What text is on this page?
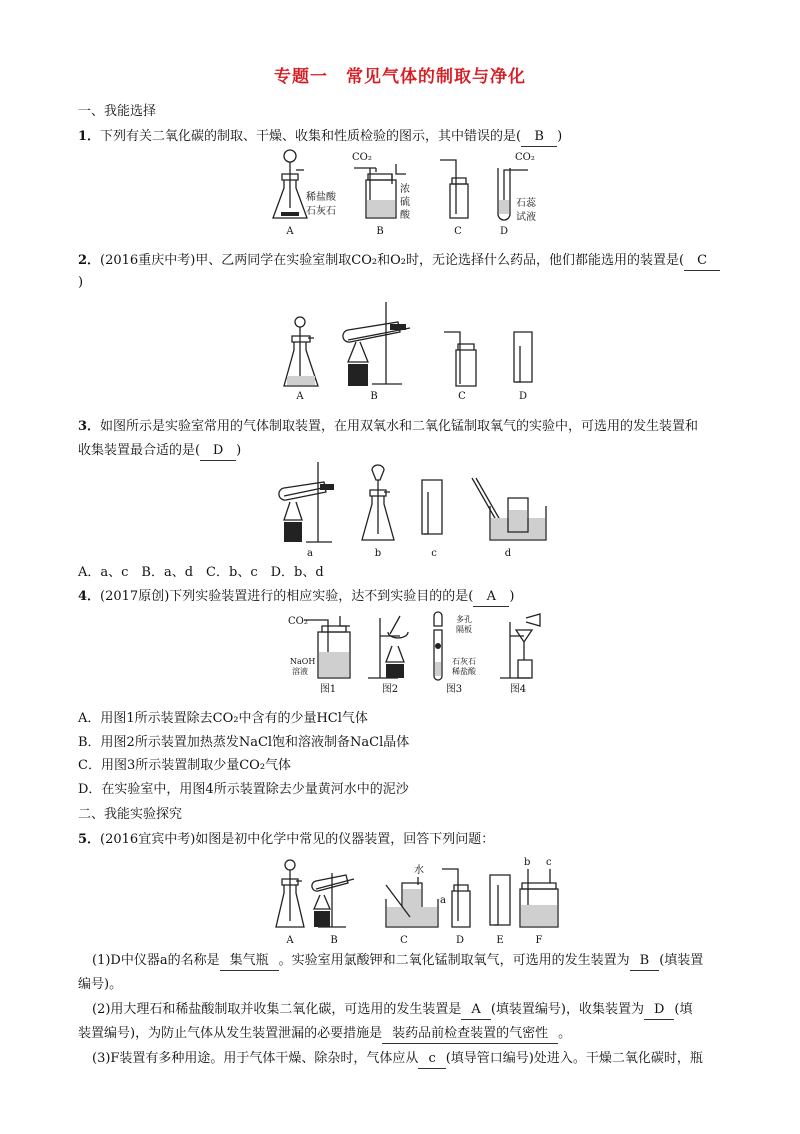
专题一　常见气体的制取与净化
一、我能选择
1．下列有关二氧化碳的制取、干燥、收集和性质检验的图示，其中错误的是( B )
稀盐酸
石灰石
A
CO₂
浓
硫
酸
B	C
CO₂
石蕊
试液
D
2．(2016重庆中考)甲、乙两同学在实验室制取CO₂和O₂时，无论选择什么药品，他们都能选用的装置是( C
)
A	B	C	D
3．如图所示是实验室常用的气体制取装置，在用双氧水和二氧化锰制取氧气的实验中，可选用的发生装置和
收集装置最合适的是( D )
a	b	c	d
A．a、c　B．a、d　C．b、c　D．b、d
4．(2017原创)下列实验装置进行的相应实验，达不到实验目的的是( A )
CO₂
NaOH
溶液
图1	图2
多孔
隔板
石灰石
稀盐酸
图3	图4
A．用图1所示装置除去CO₂中含有的少量HCl气体
B．用图2所示装置加热蒸发NaCl饱和溶液制备NaCl晶体
C．用图3所示装置制取少量CO₂气体
D．在实验室中，用图4所示装置除去少量黄河水中的泥沙
二、我能实验探究
5．(2016宜宾中考)如图是初中化学中常见的仪器装置，回答下列问题：
A	B
水
C
a
D	E
b c
F
(1)D中仪器a的名称是 集气瓶 。实验室用氯酸钾和二氧化锰制取氧气，可选用的发生装置为 B (填装置
编号)。
(2)用大理石和稀盐酸制取并收集二氧化碳，可选用的发生装置是 A (填装置编号)，收集装置为 D (填
装置编号)，为防止气体从发生装置泄漏的必要措施是 装药品前检查装置的气密性 。
(3)F装置有多种用途。用于气体干燥、除杂时，气体应从 c (填导管口编号)处进入。干燥二氧化碳时，瓶
